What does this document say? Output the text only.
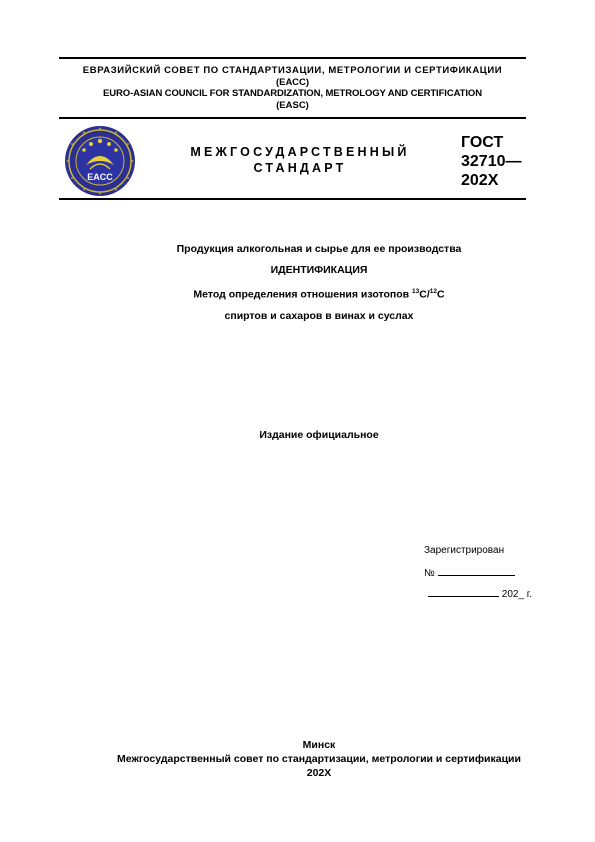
ЕВРАЗИЙСКИЙ СОВЕТ ПО СТАНДАРТИЗАЦИИ, МЕТРОЛОГИИ И СЕРТИФИКАЦИИ
(ЕАСС)
EURO-ASIAN COUNCIL FOR STANDARDIZATION, METROLOGY AND CERTIFICATION
(EASC)
EACC
МЕЖГОСУДАРСТВЕННЫЙ
СТАНДАРТ
ГОСТ
32710—
202X
Продукция алкогольная и сырье для ее производства
ИДЕНТИФИКАЦИЯ
Метод определения отношения изотопов $^{13}$C/$^{12}$C
спиртов и сахаров в винах и суслах
Издание официальное
Зарегистрирован
№
202_ г.
Минск
Межгосударственный совет по стандартизации, метрологии и сертификации
202X
